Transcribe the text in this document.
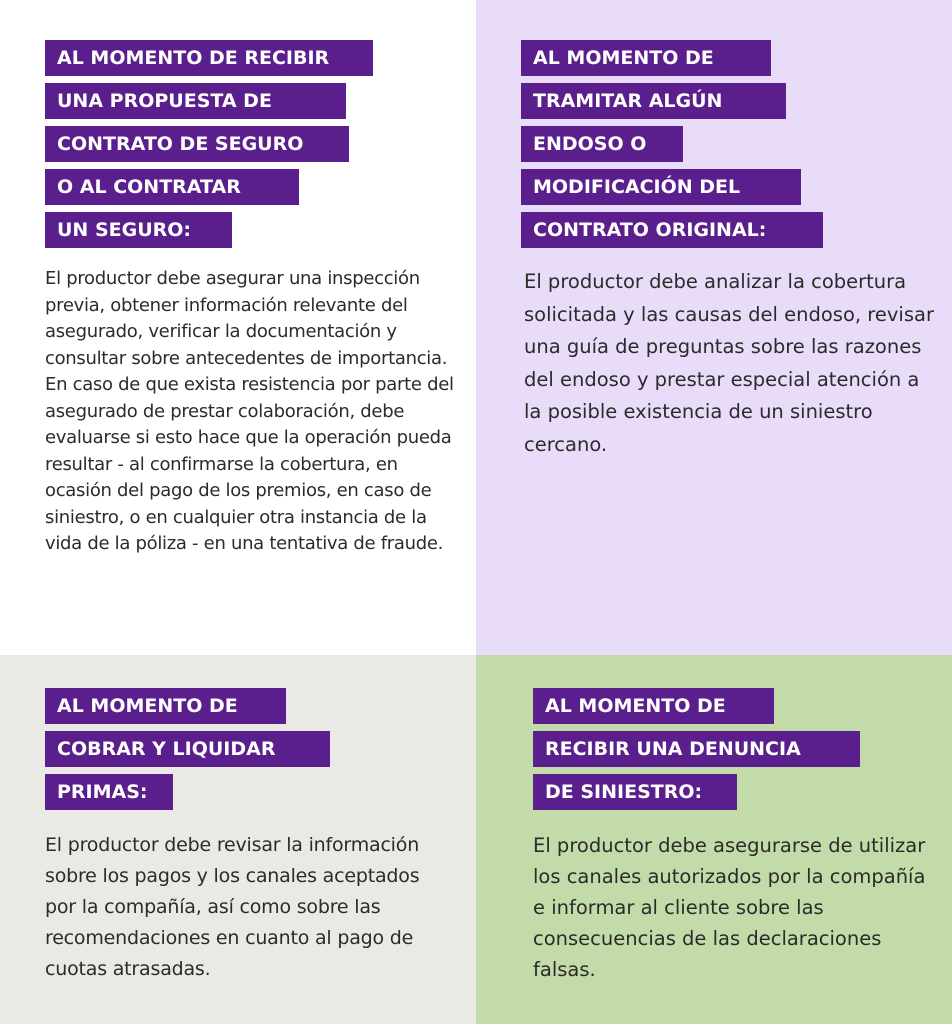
AL MOMENTO DE RECIBIR
UNA PROPUESTA DE
CONTRATO DE SEGURO
O AL CONTRATAR
UN SEGURO:

El productor debe asegurar una inspección previa, obtener información relevante del asegurado, verificar la documentación y consultar sobre antecedentes de importancia. En caso de que exista resistencia por parte del asegurado de prestar colaboración, debe evaluarse si esto hace que la operación pueda resultar - al confirmarse la cobertura, en ocasión del pago de los premios, en caso de siniestro, o en cualquier otra instancia de la vida de la póliza - en una tentativa de fraude.

AL MOMENTO DE
TRAMITAR ALGÚN
ENDOSO O
MODIFICACIÓN DEL
CONTRATO ORIGINAL:

El productor debe analizar la cobertura solicitada y las causas del endoso, revisar una guía de preguntas sobre las razones del endoso y prestar especial atención a la posible existencia de un siniestro cercano.

AL MOMENTO DE
COBRAR Y LIQUIDAR
PRIMAS:

El productor debe revisar la información sobre los pagos y los canales aceptados por la compañía, así como sobre las recomendaciones en cuanto al pago de cuotas atrasadas.

AL MOMENTO DE
RECIBIR UNA DENUNCIA
DE SINIESTRO:

El productor debe asegurarse de utilizar los canales autorizados por la compañía e informar al cliente sobre las consecuencias de las declaraciones falsas.
